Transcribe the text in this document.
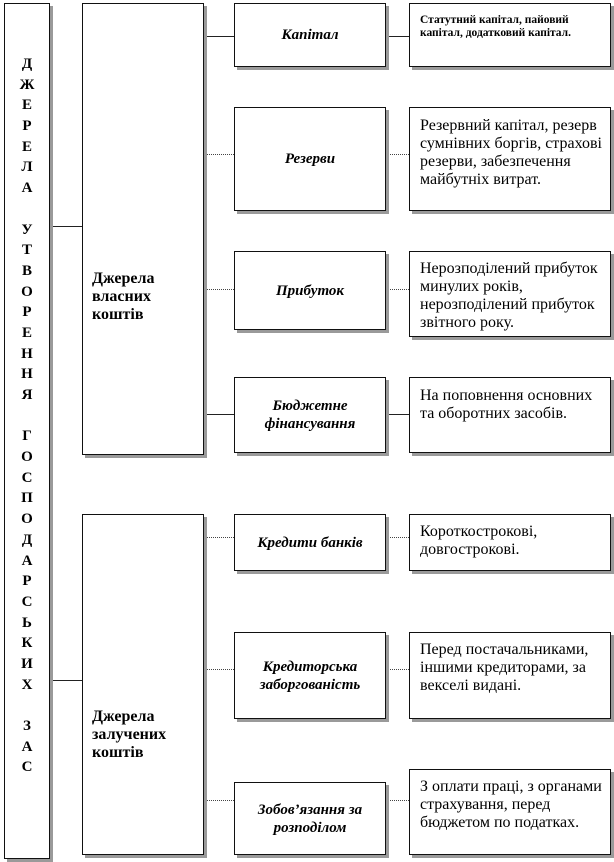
Д
Ж
Е
Р
Е
Л
А
У
Т
В
О
Р
Е
Н
Н
Я
Г
О
С
П
О
Д
А
Р
С
Ь
К
И
Х
З
А
С
Джерела власних коштів
Джерела залучених коштів
Капітал
Резерви
Прибуток
Бюджетне фінансування
Статутний капітал, пайовий капітал, додатковий капітал.
Резервний капітал, резерв сумнівних боргів, страхові резерви, забезпечення майбутніх витрат.
Нерозподілений прибуток минулих років, нерозподілений прибуток звітного року.
На поповнення основних та оборотних засобів.
Кредити банків
Кредиторська заборгованість
Зобов’язання за розподілом
Короткострокові, довгострокові.
Перед постачальниками, іншими кредиторами, за векселі видані.
З оплати праці, з органами страхування, перед бюджетом по податках.
